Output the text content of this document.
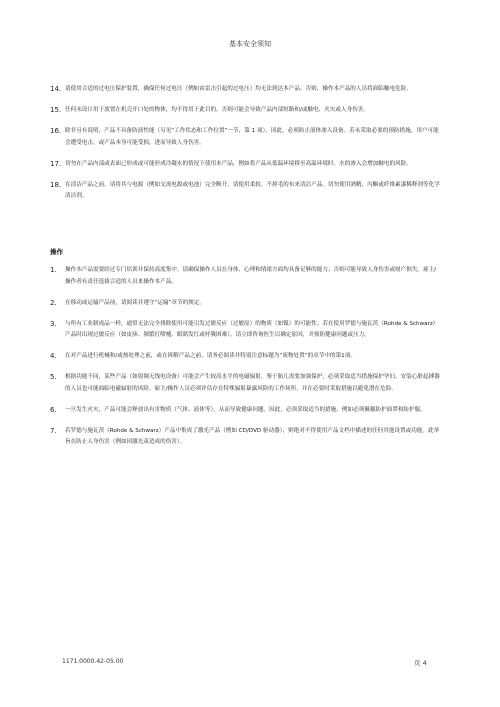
基本安全须知
14. 请使用合适的过电压保护装置，确保任何过电压（例如由雷击引起的过电压）均无法到达本产品。否则，操作本产品的人员将面临触电危险。
15. 任何未设计用于放置在机壳开口处的物体，均不得用于此目的。否则可能会导致产品内部短路和/或触电、火灾或人身伤害。
16. 除非另有说明，产品不具备防液性能（另见“工作状态和工作位置”一节，第 1 项）。因此，必须防止液体渗入设备。若未采取必要的预防措施，用户可能会遭受电击，或产品本身可能受损，进而导致人身伤害。
17. 切勿在产品内部或表面已形成或可能形成冷凝水的情况下使用本产品，例如将产品从低温环境移至高温环境时。水的渗入会增加触电的风险。
18. 在清洁产品之前，请将其与电源（例如交流电源或电池）完全断开。请使用柔软、不掉毛的布来清洁产品。切勿使用酒精、丙酮或纤维素漆稀释剂等化学清洁剂。
操作
1. 操作本产品需要经过专门培训并保持高度集中。请确保操作人员在身体、心理和情绪方面均具备足够的能力；否则可能导致人身伤害或财产损失。雇主/操作者有责任选拔合适的人员来操作本产品。
2. 在移动或运输产品前，请阅读并遵守“运输”章节的规定。
3. 与所有工业制成品一样，通常无法完全排除使用可能引发过敏反应（过敏原）的物质（如镍）的可能性。若在使用罗德与施瓦茨（Rohde & Schwarz）产品时出现过敏反应（如皮疹、频繁打喷嚏、眼睛发红或呼吸困难），请立即咨询医生以确定原因，并预防健康问题或压力。
4. 在对产品进行机械和/或热处理之前，或在拆解产品之前，请务必阅读并特别注意标题为“废物处置”的章节中的第1项。
5. 根据功能不同，某些产品（如射频无线电设备）可能会产生较高水平的电磁辐射。鉴于胎儿需要加强保护，必须采取适当措施保护孕妇。安装心脏起搏器的人员也可能面临电磁辐射的风险。雇主/操作人员必须评估存在特殊辐射暴露风险的工作场所，并在必要时采取措施以避免潜在危险。
6. 一旦发生火灾，产品可能会释放出有害物质（气体、液体等），从而导致健康问题。因此，必须采取适当的措施，例如必须佩戴防护面罩和防护服。
7. 若罗德与施瓦茨（Rohde & Schwarz）产品中集成了激光产品（例如 CD/DVD 驱动器），则绝对不得使用产品文档中描述的任何其他设置或功能。此举旨在防止人身伤害（例如因激光束造成的伤害）。
1171.0000.42-05.00	页 4
